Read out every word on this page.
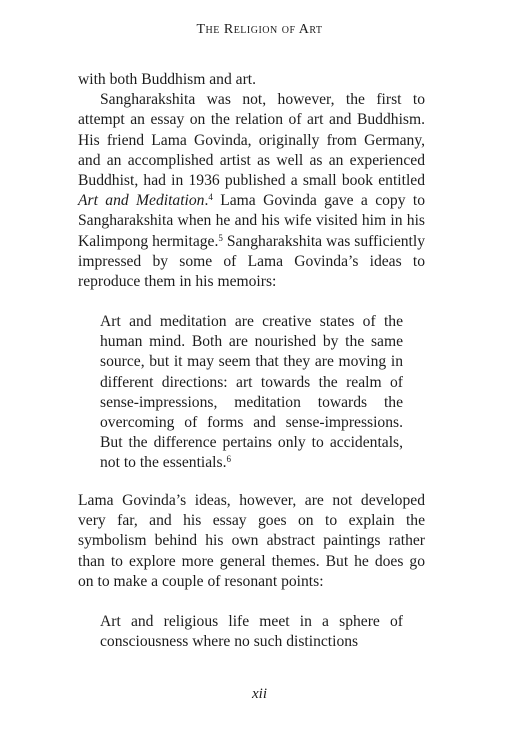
The Religion of Art

with both Buddhism and art.

Sangharakshita was not, however, the first to attempt an essay on the relation of art and Buddhism. His friend Lama Govinda, originally from Germany, and an accomplished artist as well as an experienced Buddhist, had in 1936 published a small book entitled Art and Meditation.$^4$ Lama Govinda gave a copy to Sangharakshita when he and his wife visited him in his Kalimpong hermitage.$^5$ Sangharakshita was sufficiently impressed by some of Lama Govinda’s ideas to reproduce them in his memoirs:

Art and meditation are creative states of the human mind. Both are nourished by the same source, but it may seem that they are moving in different directions: art towards the realm of sense-impressions, meditation towards the overcoming of forms and sense-impressions. But the difference pertains only to accidentals, not to the essentials.$^6$

Lama Govinda’s ideas, however, are not developed very far, and his essay goes on to explain the symbolism behind his own abstract paintings rather than to explore more general themes. But he does go on to make a couple of resonant points:

Art and religious life meet in a sphere of consciousness where no such distinctions

xii
